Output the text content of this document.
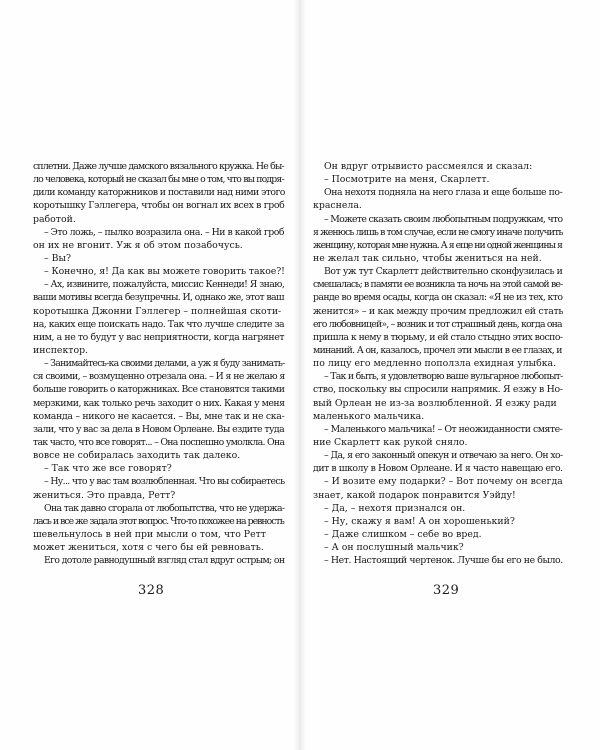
сплетни. Даже лучше дамского вязального кружка. Не бы-
ло человека, который не сказал бы мне о том, что вы подря-
дили команду каторжников и поставили над ними этого
коротышку Гэллегера, чтобы он вогнал их всех в гроб
работой.
– Это ложь, – пылко возразила она. – Ни в какой гроб
он их не вгонит. Уж я об этом позабочусь.
– Вы?
– Конечно, я! Да как вы можете говорить такое?!
– Ах, извините, пожалуйста, миссис Кеннеди! Я знаю,
ваши мотивы всегда безупречны. И, однако же, этот ваш
коротышка Джонни Гэллегер – полнейшая скоти-
на, каких еще поискать надо. Так что лучше следите за
ним, а не то будут у вас неприятности, когда нагрянет
инспектор.
– Занимайтесь-ка своими делами, а уж я буду занимать-
ся своими, – возмущенно отрезала она. – И я не желаю я
больше говорить о каторжниках. Все становятся такими
мерзкими, как только речь заходит о них. Какая у меня
команда – никого не касается. – Вы, мне так и не ска-
зали, что у вас за дела в Новом Орлеане. Вы ездите туда
так часто, что все говорят... – Она поспешно умолкла. Она
вовсе не собиралась заходить так далеко.
– Так что же все говорят?
– Ну... что у вас там возлюбленная. Что вы собираетесь
жениться. Это правда, Ретт?
Она так давно сгорала от любопытства, что не удержа-
лась и все же задала этот вопрос. Что-то похожее на ревность
шевельнулось в ней при мысли о том, что Ретт
может жениться, хотя с чего бы ей ревновать.
Его дотоле равнодушный взгляд стал вдруг острым; он
328	329
Он вдруг отрывисто рассмеялся и сказал:
– Посмотрите на меня, Скарлетт.
Она нехотя подняла на него глаза и еще больше по-
краснела.
– Можете сказать своим любопытным подружкам, что
я женюсь лишь в том случае, если не смогу иначе получить
женщину, которая мне нужна. А я еще ни одной женщины я
не желал так сильно, чтобы жениться на ней.
Вот уж тут Скарлетт действительно сконфузилась и
смешалась; в памяти ее возникла та ночь на этой самой ве-
ранде во время осады, когда он сказал: «Я не из тех, кто
женится» – и как между прочим предложил ей стать
его любовницей», – возник и тот страшный день, когда она
пришла к нему в тюрьму, и ей стало стыдно этих воспо-
минаний. А он, казалось, прочел эти мысли в ее глазах, и
по лицу его медленно поползла ехидная улыбка.
– Так и быть, я удовлетворю ваше вульгарное любопыт-
ство, поскольку вы спросили напрямик. Я езжу в Но-
вый Орлеан не из-за возлюбленной. Я езжу ради
маленького мальчика.
– Маленького мальчика! – От неожиданности смяте-
ние Скарлетт как рукой сняло.
– Да, я его законный опекун и отвечаю за него. Он хо-
дит в школу в Новом Орлеане. И я часто навещаю его.
– И возите ему подарки? – Вот почему он всегда
знает, какой подарок понравится Уэйду!
– Да, – нехотя признался он.
– Ну, скажу я вам! А он хорошенький?
– Даже слишком – себе во вред.
– А он послушный мальчик?
– Нет. Настоящий чертенок. Лучше бы его не было.
